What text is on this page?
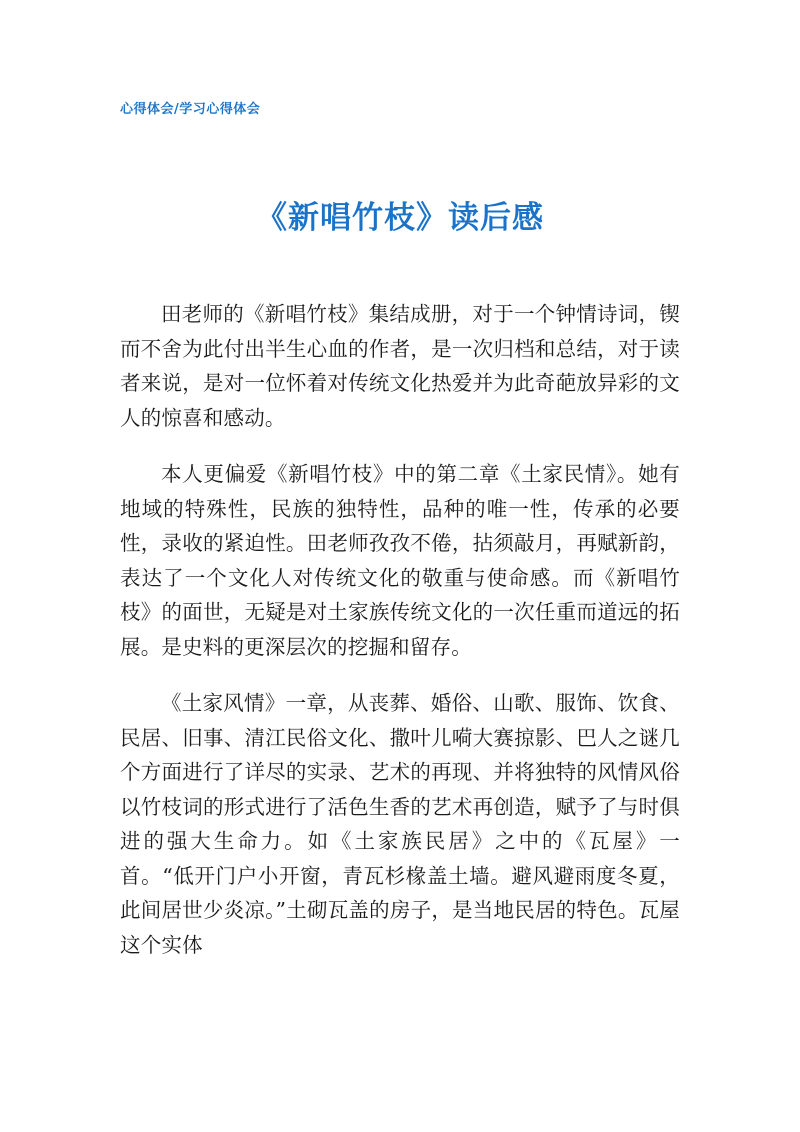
心得体会/学习心得体会
《新唱竹枝》读后感

田老师的《新唱竹枝》集结成册，对于一个钟情诗词，锲而不舍为此付出半生心血的作者，是一次归档和总结，对于读者来说，是对一位怀着对传统文化热爱并为此奇葩放异彩的文人的惊喜和感动。

本人更偏爱《新唱竹枝》中的第二章《土家民情》。她有地域的特殊性，民族的独特性，品种的唯一性，传承的必要性，录收的紧迫性。田老师孜孜不倦，拈须敲月，再赋新韵，表达了一个文化人对传统文化的敬重与使命感。而《新唱竹枝》的面世，无疑是对土家族传统文化的一次任重而道远的拓展。是史料的更深层次的挖掘和留存。

《土家风情》一章，从丧葬、婚俗、山歌、服饰、饮食、民居、旧事、清江民俗文化、撒叶儿嗬大赛掠影、巴人之谜几个方面进行了详尽的实录、艺术的再现、并将独特的风情风俗以竹枝词的形式进行了活色生香的艺术再创造，赋予了与时俱进的强大生命力。如《土家族民居》之中的《瓦屋》一首。“低开门户小开窗，青瓦杉椽盖土墙。避风避雨度冬夏，此间居世少炎凉。”土砌瓦盖的房子，是当地民居的特色。瓦屋这个实体
